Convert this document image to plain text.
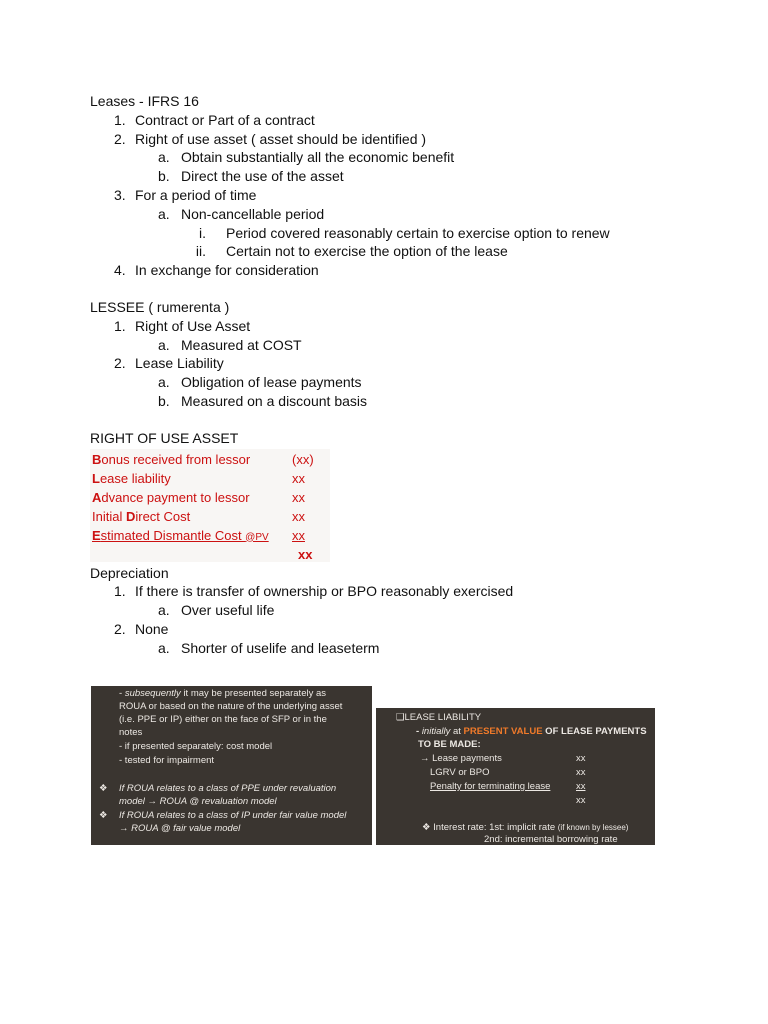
Leases - IFRS 16
1. Contract or Part of a contract
2. Right of use asset ( asset should be identified )
a. Obtain substantially all the economic benefit
b. Direct the use of the asset
3. For a period of time
a. Non-cancellable period
i. Period covered reasonably certain to exercise option to renew
ii. Certain not to exercise the option of the lease
4. In exchange for consideration
LESSEE ( rumerenta )
1. Right of Use Asset
a. Measured at COST
2. Lease Liability
a. Obligation of lease payments
b. Measured on a discount basis
RIGHT OF USE ASSET
Bonus received from lessor	(xx)
Lease liability	xx
Advance payment to lessor	xx
Initial Direct Cost	xx
Estimated Dismantle Cost @PV xx
xx
Depreciation
1. If there is transfer of ownership or BPO reasonably exercised
a. Over useful life
2. None
a. Shorter of uselife and leaseterm
- subsequently it may be presented separately as
ROUA or based on the nature of the underlying asset
(i.e. PPE or IP) either on the face of SFP or in the
notes
- if presented separately: cost model
- tested for impairment
❖ If ROUA relates to a class of PPE under revaluation
model → ROUA @ revaluation model
❖ If ROUA relates to a class of IP under fair value model
→ ROUA @ fair value model
❑LEASE LIABILITY
- initially at PRESENT VALUE OF LEASE PAYMENTS
TO BE MADE:
→ Lease payments	xx
LGRV or BPO	xx
Penalty for terminating lease	xx
xx
❖ Interest rate: 1st: implicit rate (if known by lessee)
2nd: incremental borrowing rate
